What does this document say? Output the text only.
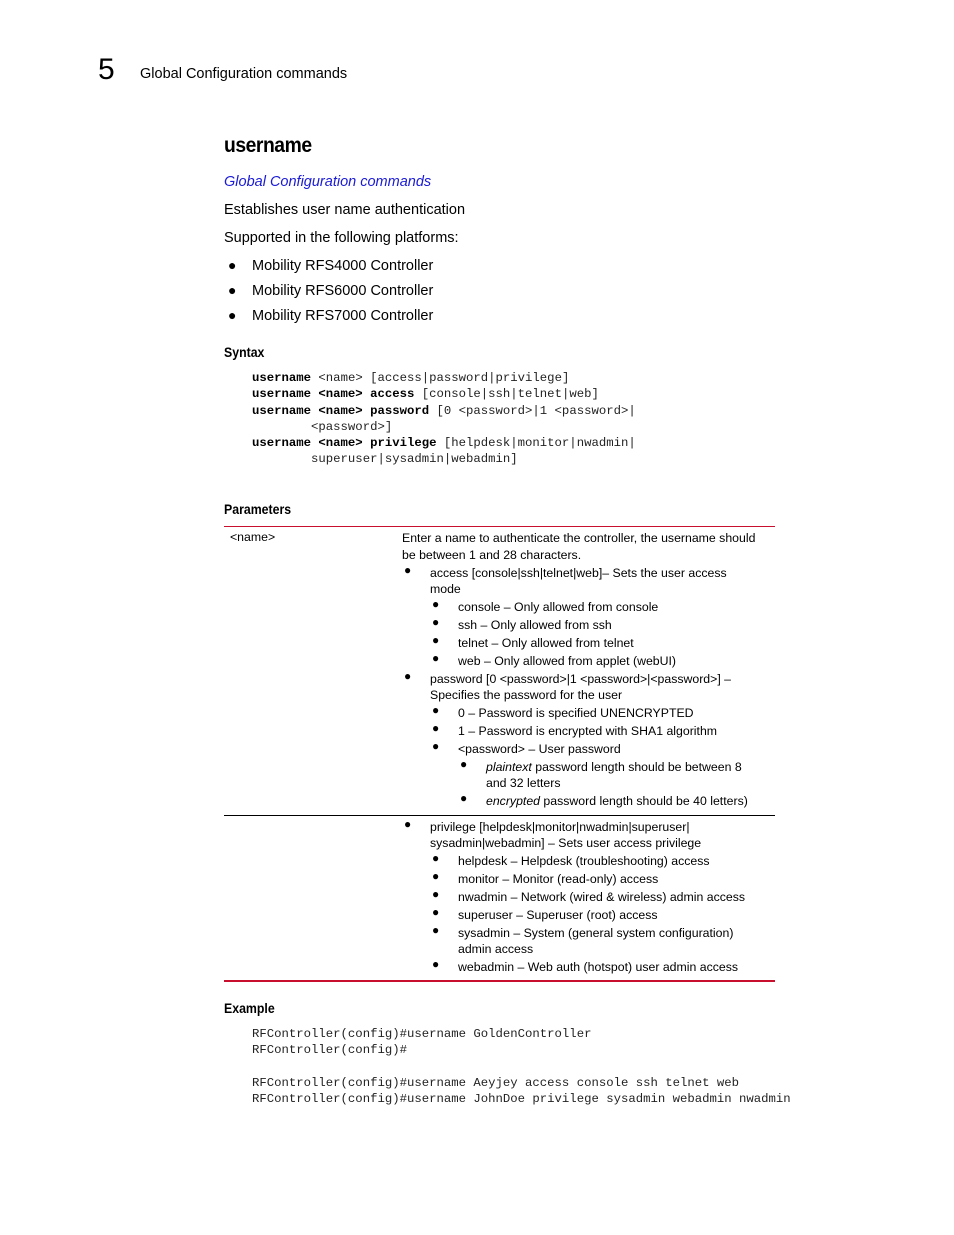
5 Global Configuration commands
username
Global Configuration commands
Establishes user name authentication
Supported in the following platforms:
● Mobility RFS4000 Controller
● Mobility RFS6000 Controller
● Mobility RFS7000 Controller
Syntax
username <name> [access|password|privilege]
username <name> access [console|ssh|telnet|web]
username <name> password [0 <password>|1 <password>|
<password>]
username <name> privilege [helpdesk|monitor|nwadmin|
superuser|sysadmin|webadmin]
Parameters
<name>	Enter a name to authenticate the controller, the username should
be between 1 and 28 characters.
● access [console|ssh|telnet|web]– Sets the user access
mode
● console – Only allowed from console
● ssh – Only allowed from ssh
● telnet – Only allowed from telnet
● web – Only allowed from applet (webUI)
● password [0 <password>|1 <password>|<password>] –
Specifies the password for the user
● 0 – Password is specified UNENCRYPTED
● 1 – Password is encrypted with SHA1 algorithm
● <password> – User password
● plaintext password length should be between 8
and 32 letters
● encrypted password length should be 40 letters)
● privilege [helpdesk|monitor|nwadmin|superuser|
sysadmin|webadmin] – Sets user access privilege
● helpdesk – Helpdesk (troubleshooting) access
● monitor – Monitor (read-only) access
● nwadmin – Network (wired & wireless) admin access
● superuser – Superuser (root) access
● sysadmin – System (general system configuration)
admin access
● webadmin – Web auth (hotspot) user admin access
Example
RFController(config)#username GoldenController
RFController(config)#

RFController(config)#username Aeyjey access console ssh telnet web
RFController(config)#username JohnDoe privilege sysadmin webadmin nwadmin
